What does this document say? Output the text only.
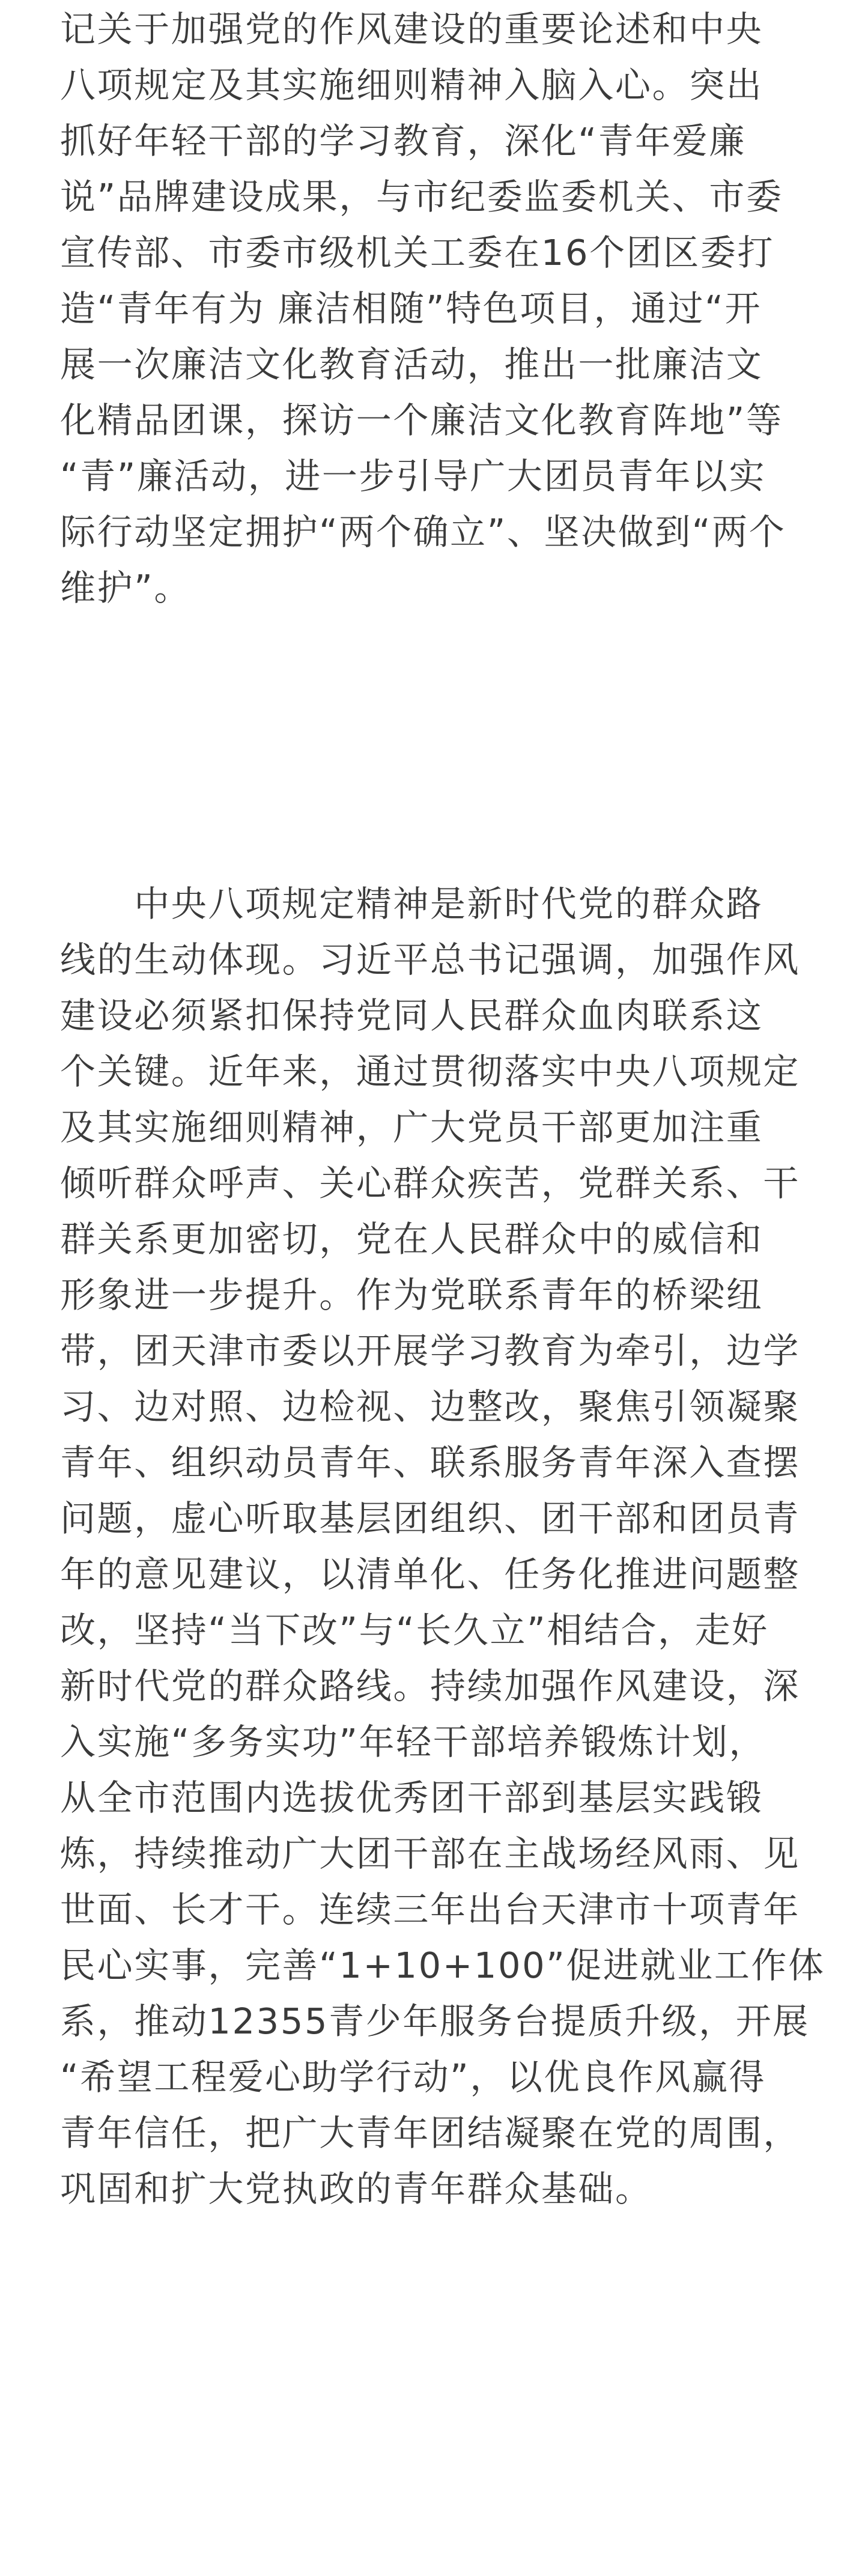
记关于加强党的作风建设的重要论述和中央

八项规定及其实施细则精神入脑入心。突出

抓好年轻干部的学习教育，深化“青年爱廉

说”品牌建设成果，与市纪委监委机关、市委

宣传部、市委市级机关工委在16个团区委打

造“青年有为 廉洁相随”特色项目，通过“开

展一次廉洁文化教育活动，推出一批廉洁文

化精品团课，探访一个廉洁文化教育阵地”等

“青”廉活动，进一步引导广大团员青年以实

际行动坚定拥护“两个确立”、坚决做到“两个

维护”。

　　中央八项规定精神是新时代党的群众路

线的生动体现。习近平总书记强调，加强作风

建设必须紧扣保持党同人民群众血肉联系这

个关键。近年来，通过贯彻落实中央八项规定

及其实施细则精神，广大党员干部更加注重

倾听群众呼声、关心群众疾苦，党群关系、干

群关系更加密切，党在人民群众中的威信和

形象进一步提升。作为党联系青年的桥梁纽

带，团天津市委以开展学习教育为牵引，边学

习、边对照、边检视、边整改，聚焦引领凝聚

青年、组织动员青年、联系服务青年深入查摆

问题，虚心听取基层团组织、团干部和团员青

年的意见建议，以清单化、任务化推进问题整

改，坚持“当下改”与“长久立”相结合，走好

新时代党的群众路线。持续加强作风建设，深

入实施“多务实功”年轻干部培养锻炼计划，

从全市范围内选拔优秀团干部到基层实践锻

炼，持续推动广大团干部在主战场经风雨、见

世面、长才干。连续三年出台天津市十项青年

民心实事，完善“1+10+100”促进就业工作体

系，推动12355青少年服务台提质升级，开展

“希望工程爱心助学行动”，以优良作风赢得

青年信任，把广大青年团结凝聚在党的周围，

巩固和扩大党执政的青年群众基础。
